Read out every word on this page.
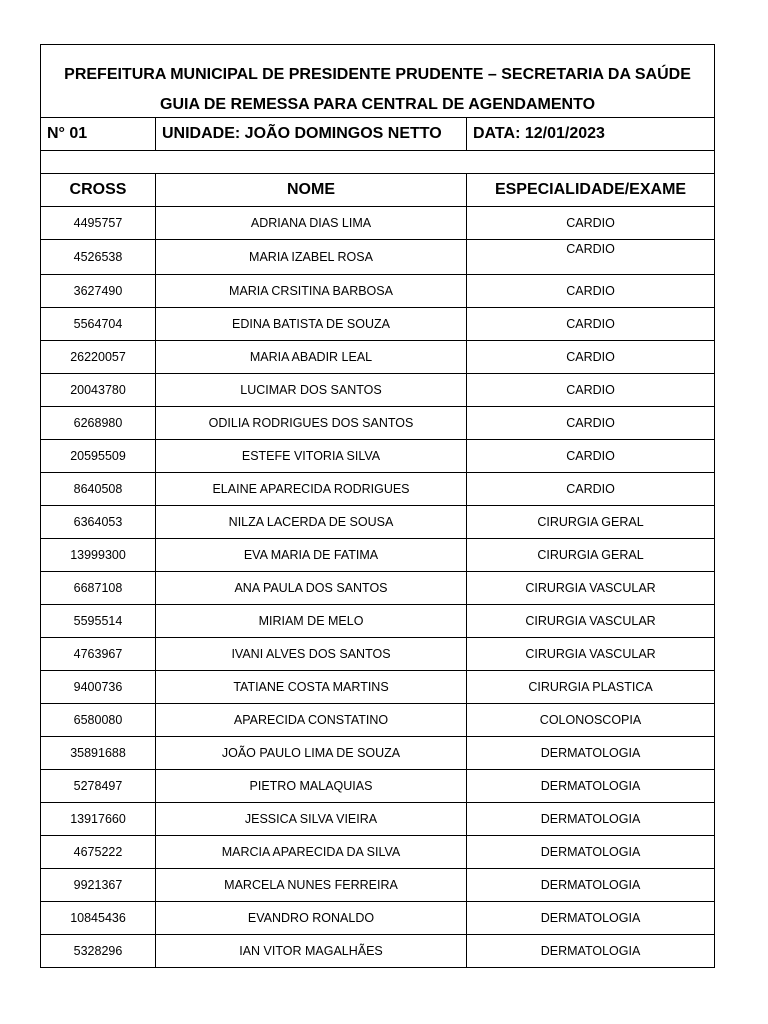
PREFEITURA MUNICIPAL DE PRESIDENTE PRUDENTE – SECRETARIA DA SAÚDE
GUIA DE REMESSA PARA CENTRAL DE AGENDAMENTO		

N° 01	UNIDADE: JOÃO DOMINGOS NETTO	DATA: 12/01/2023

CROSS	NOME	ESPECIALIDADE/EXAME
4495757	ADRIANA DIAS LIMA	CARDIO
4526538	MARIA IZABEL ROSA	CARDIO
3627490	MARIA CRSITINA BARBOSA	CARDIO
5564704	EDINA BATISTA DE SOUZA	CARDIO
26220057	MARIA ABADIR LEAL	CARDIO
20043780	LUCIMAR DOS SANTOS	CARDIO
6268980	ODILIA RODRIGUES DOS SANTOS	CARDIO
20595509	ESTEFE VITORIA SILVA	CARDIO
8640508	ELAINE APARECIDA RODRIGUES	CARDIO
6364053	NILZA LACERDA DE SOUSA	CIRURGIA GERAL
13999300	EVA MARIA DE FATIMA	CIRURGIA GERAL
6687108	ANA PAULA DOS SANTOS	CIRURGIA VASCULAR
5595514	MIRIAM DE MELO	CIRURGIA VASCULAR
4763967	IVANI ALVES DOS SANTOS	CIRURGIA VASCULAR
9400736	TATIANE COSTA MARTINS	CIRURGIA PLASTICA
6580080	APARECIDA CONSTATINO	COLONOSCOPIA
35891688	JOÃO PAULO LIMA DE SOUZA	DERMATOLOGIA
5278497	PIETRO MALAQUIAS	DERMATOLOGIA
13917660	JESSICA SILVA VIEIRA	DERMATOLOGIA
4675222	MARCIA APARECIDA DA SILVA	DERMATOLOGIA
9921367	MARCELA NUNES FERREIRA	DERMATOLOGIA
10845436	EVANDRO RONALDO	DERMATOLOGIA
5328296	IAN VITOR MAGALHÃES	DERMATOLOGIA
